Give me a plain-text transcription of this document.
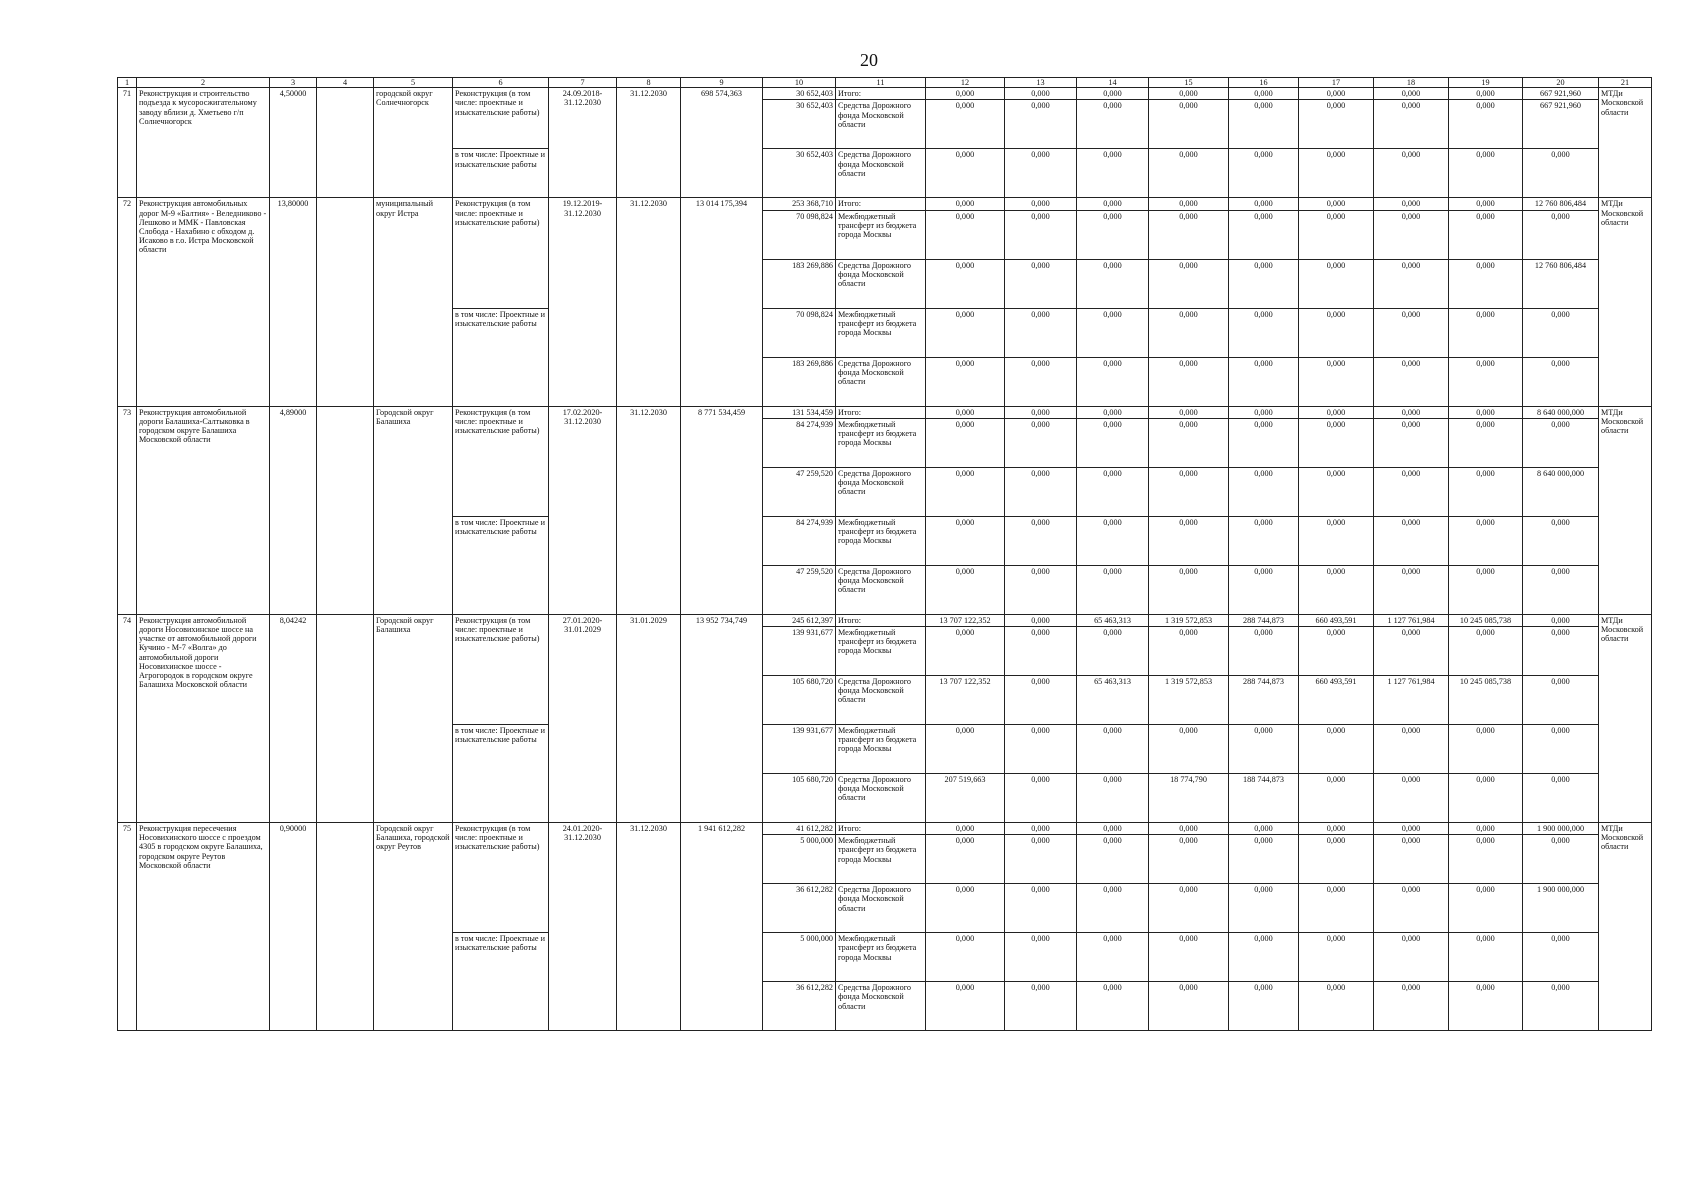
20
1	2	3	4	5	6	7	8	9	10	11	12	13	14	15	16	17	18	19	20	21
71	Реконструкция и строительство подъезда к мусоросжигательному заводу вблизи д. Хметьево г/п Солнечногорск	4,50000		городской округ Солнечногорск	Реконструкция (в том числе: проектные и изыскательские работы)	24.09.2018-31.12.2030	31.12.2030	698 574,363	30 652,403	Итого:	0,000	0,000	0,000	0,000	0,000	0,000	0,000	0,000	667 921,960	МТДи Московской области
									30 652,403	Средства Дорожного фонда Московской области	0,000	0,000	0,000	0,000	0,000	0,000	0,000	0,000	667 921,960	
					в том числе: Проектные и изыскательские работы				30 652,403	Средства Дорожного фонда Московской области	0,000	0,000	0,000	0,000	0,000	0,000	0,000	0,000	0,000	
72	Реконструкция автомобильных дорог М-9 «Балтия» - Веледниково - Лешково и ММК - Павловская Слобода - Нахабино с обходом д. Исаково в г.о. Истра Московской области	13,80000		муниципальный округ Истра	Реконструкция (в том числе: проектные и изыскательские работы)	19.12.2019-31.12.2030	31.12.2030	13 014 175,394	253 368,710	Итого:	0,000	0,000	0,000	0,000	0,000	0,000	0,000	0,000	12 760 806,484	МТДи Московской области
									70 098,824	Межбюджетный трансферт из бюджета города Москвы	0,000	0,000	0,000	0,000	0,000	0,000	0,000	0,000	0,000	
									183 269,886	Средства Дорожного фонда Московской области	0,000	0,000	0,000	0,000	0,000	0,000	0,000	0,000	12 760 806,484	
					в том числе: Проектные и изыскательские работы				70 098,824	Межбюджетный трансферт из бюджета города Москвы	0,000	0,000	0,000	0,000	0,000	0,000	0,000	0,000	0,000	
									183 269,886	Средства Дорожного фонда Московской области	0,000	0,000	0,000	0,000	0,000	0,000	0,000	0,000	0,000	
73	Реконструкция автомобильной дороги Балашиха-Салтыковка в городском округе Балашиха Московской области	4,89000		Городской округ Балашиха	Реконструкция (в том числе: проектные и изыскательские работы)	17.02.2020-31.12.2030	31.12.2030	8 771 534,459	131 534,459	Итого:	0,000	0,000	0,000	0,000	0,000	0,000	0,000	0,000	8 640 000,000	МТДи Московской области
									84 274,939	Межбюджетный трансферт из бюджета города Москвы	0,000	0,000	0,000	0,000	0,000	0,000	0,000	0,000	0,000	
									47 259,520	Средства Дорожного фонда Московской области	0,000	0,000	0,000	0,000	0,000	0,000	0,000	0,000	8 640 000,000	
					в том числе: Проектные и изыскательские работы				84 274,939	Межбюджетный трансферт из бюджета города Москвы	0,000	0,000	0,000	0,000	0,000	0,000	0,000	0,000	0,000	
									47 259,520	Средства Дорожного фонда Московской области	0,000	0,000	0,000	0,000	0,000	0,000	0,000	0,000	0,000	
74	Реконструкция автомобильной дороги Носовихинское шоссе на участке от автомобильной дороги Кучино - М-7 «Волга» до автомобильной дороги Носовихинское шоссе - Агрогородок в городском округе Балашиха Московской области	8,04242		Городской округ Балашиха	Реконструкция (в том числе: проектные и изыскательские работы)	27.01.2020-31.01.2029	31.01.2029	13 952 734,749	245 612,397	Итого:	13 707 122,352	0,000	65 463,313	1 319 572,853	288 744,873	660 493,591	1 127 761,984	10 245 085,738	0,000	МТДи Московской области
									139 931,677	Межбюджетный трансферт из бюджета города Москвы	0,000	0,000	0,000	0,000	0,000	0,000	0,000	0,000	0,000	
									105 680,720	Средства Дорожного фонда Московской области	13 707 122,352	0,000	65 463,313	1 319 572,853	288 744,873	660 493,591	1 127 761,984	10 245 085,738	0,000	
					в том числе: Проектные и изыскательские работы				139 931,677	Межбюджетный трансферт из бюджета города Москвы	0,000	0,000	0,000	0,000	0,000	0,000	0,000	0,000	0,000	
									105 680,720	Средства Дорожного фонда Московской области	207 519,663	0,000	0,000	18 774,790	188 744,873	0,000	0,000	0,000	0,000	
75	Реконструкция пересечения Носовихинского шоссе с проездом 4305 в городском округе Балашиха, городском округе Реутов Московской области	0,90000		Городской округ Балашиха, городской округ Реутов	Реконструкция (в том числе: проектные и изыскательские работы)	24.01.2020-31.12.2030	31.12.2030	1 941 612,282	41 612,282	Итого:	0,000	0,000	0,000	0,000	0,000	0,000	0,000	0,000	1 900 000,000	МТДи Московской области
									5 000,000	Межбюджетный трансферт из бюджета города Москвы	0,000	0,000	0,000	0,000	0,000	0,000	0,000	0,000	0,000	
									36 612,282	Средства Дорожного фонда Московской области	0,000	0,000	0,000	0,000	0,000	0,000	0,000	0,000	1 900 000,000	
					в том числе: Проектные и изыскательские работы				5 000,000	Межбюджетный трансферт из бюджета города Москвы	0,000	0,000	0,000	0,000	0,000	0,000	0,000	0,000	0,000	
									36 612,282	Средства Дорожного фонда Московской области	0,000	0,000	0,000	0,000	0,000	0,000	0,000	0,000	0,000	
